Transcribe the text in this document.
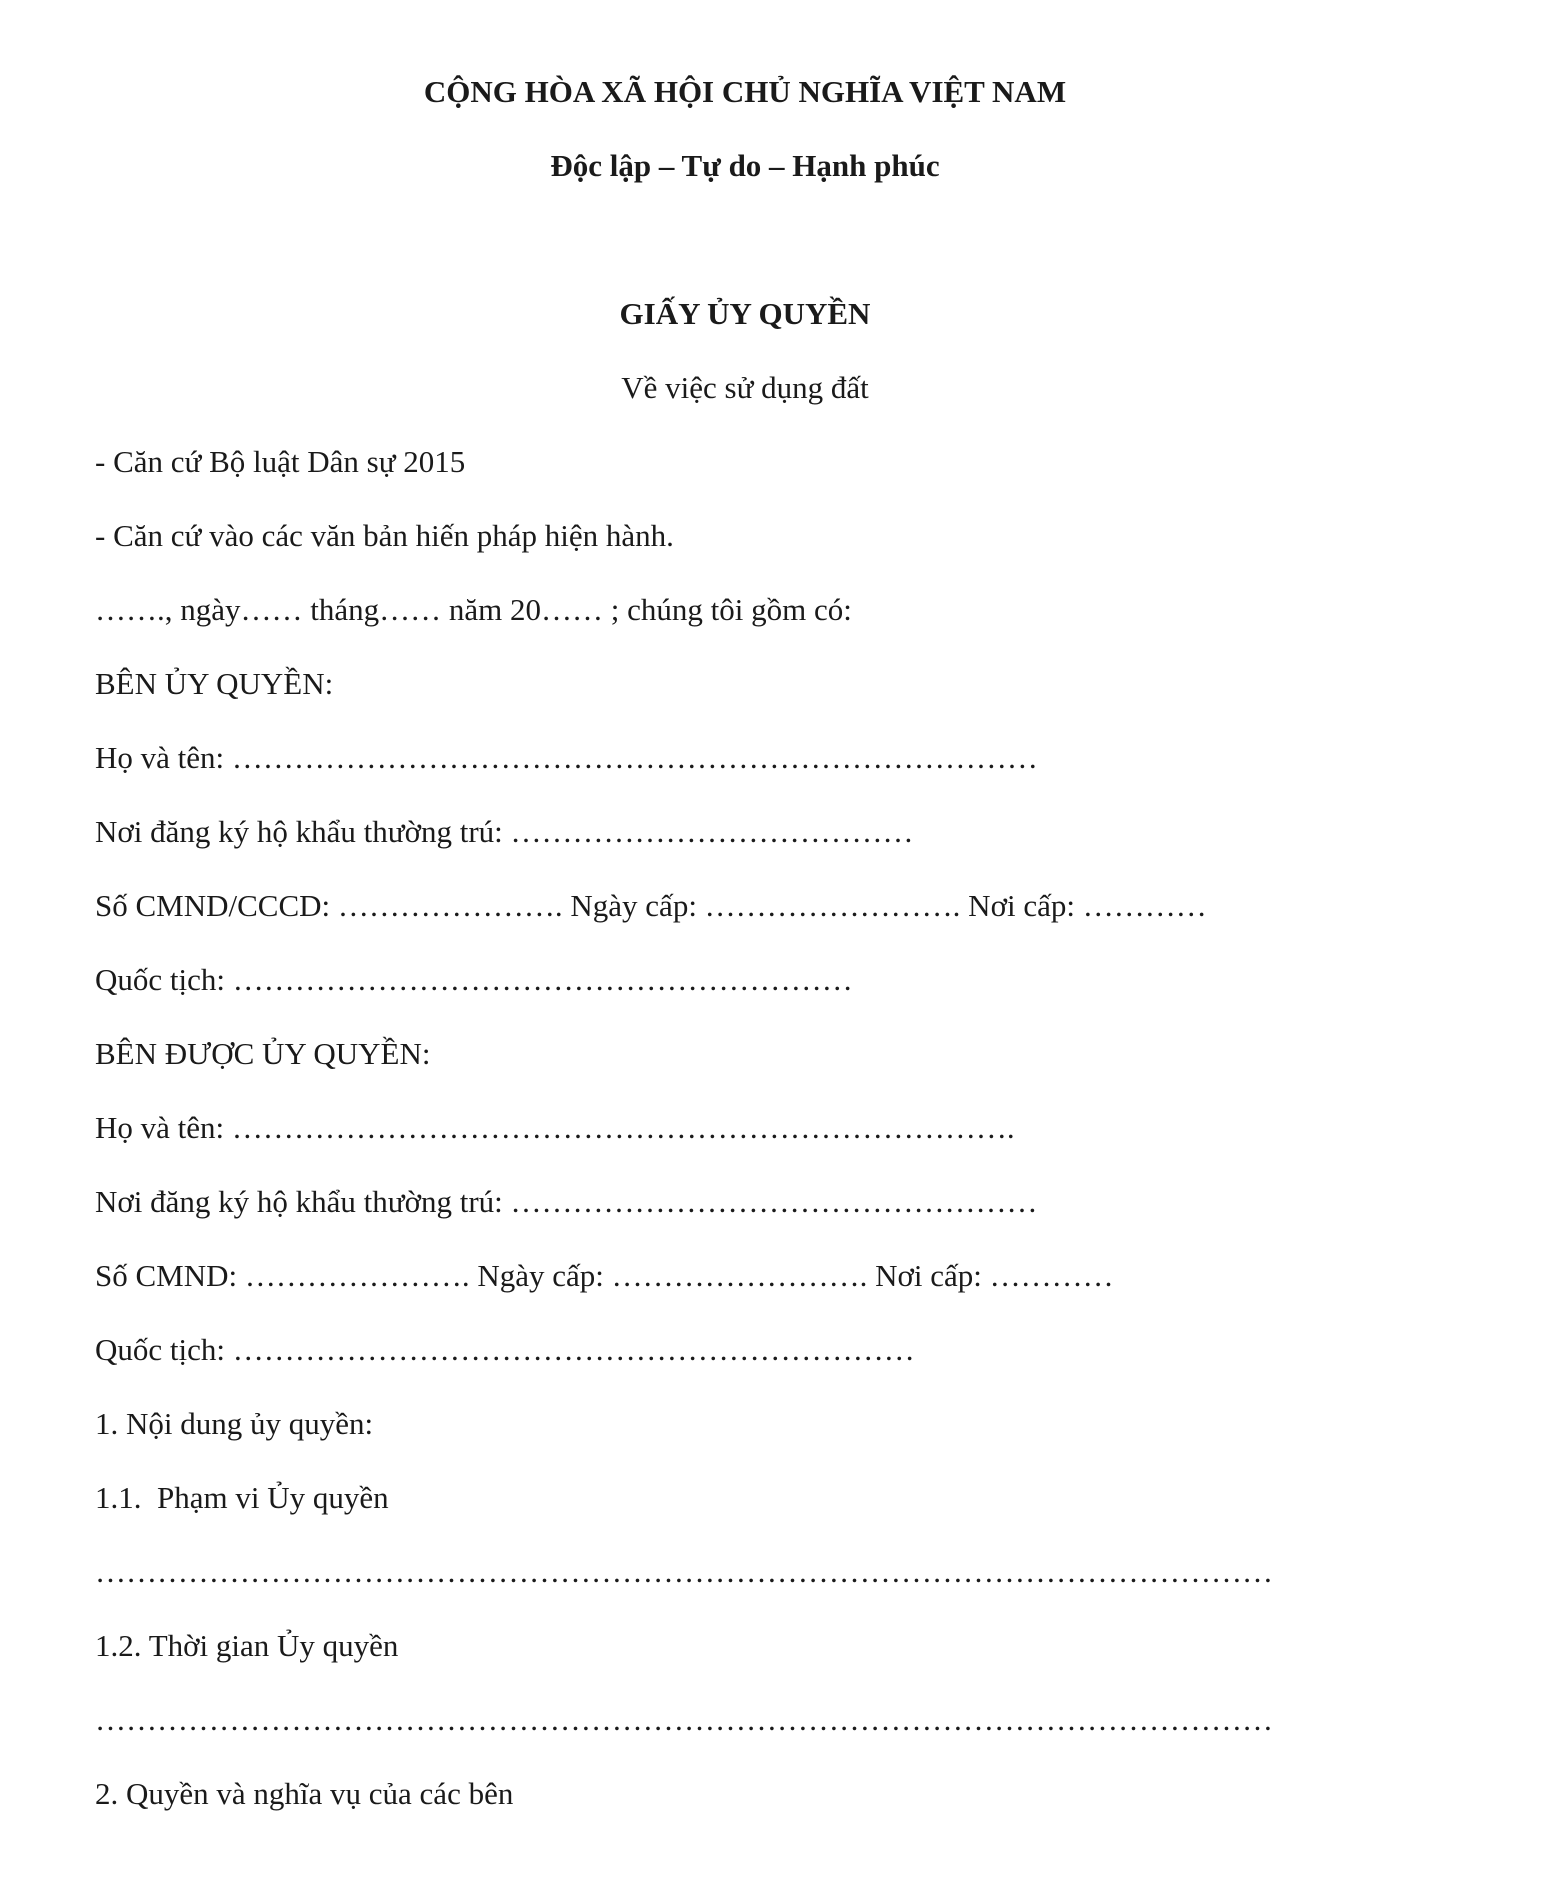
CỘNG HÒA XÃ HỘI CHỦ NGHĨA VIỆT NAM
Độc lập – Tự do – Hạnh phúc
GIẤY ỦY QUYỀN
Về việc sử dụng đất
- Căn cứ Bộ luật Dân sự 2015
- Căn cứ vào các văn bản hiến pháp hiện hành.
……., ngày…… tháng…… năm 20…… ; chúng tôi gồm có:
BÊN ỦY QUYỀN:
Họ và tên: ……………………………………………………………………
Nơi đăng ký hộ khẩu thường trú: …………………………………
Số CMND/CCCD: …………………. Ngày cấp: ……………………. Nơi cấp: …………
Quốc tịch: ……………………………………………………
BÊN ĐƯỢC ỦY QUYỀN:
Họ và tên: ………………………………………………………………….
Nơi đăng ký hộ khẩu thường trú: ……………………………………………
Số CMND: …………………. Ngày cấp: ……………………. Nơi cấp: …………
Quốc tịch: …………………………………………………………
1. Nội dung ủy quyền:
1.1.  Phạm vi Ủy quyền
……………………………………………………………………………………………………
1.2. Thời gian Ủy quyền
……………………………………………………………………………………………………
2. Quyền và nghĩa vụ của các bên
